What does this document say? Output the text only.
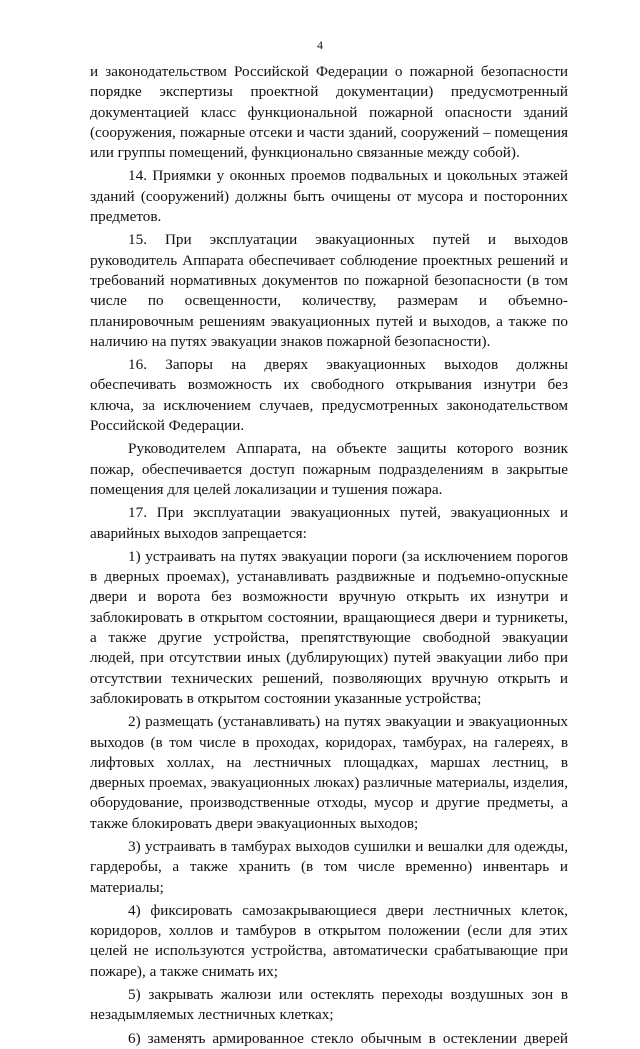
4

и законодательством Российской Федерации о пожарной безопасности порядке экспертизы проектной документации) предусмотренный документацией класс функциональной пожарной опасности зданий (сооружения, пожарные отсеки и части зданий, сооружений – помещения или группы помещений, функционально связанные между собой).

14. Приямки у оконных проемов подвальных и цокольных этажей зданий (сооружений) должны быть очищены от мусора и посторонних предметов.

15. При эксплуатации эвакуационных путей и выходов руководитель Аппарата обеспечивает соблюдение проектных решений и требований нормативных документов по пожарной безопасности (в том числе по освещенности, количеству, размерам и объемно-планировочным решениям эвакуационных путей и выходов, а также по наличию на путях эвакуации знаков пожарной безопасности).

16. Запоры на дверях эвакуационных выходов должны обеспечивать возможность их свободного открывания изнутри без ключа, за исключением случаев, предусмотренных законодательством Российской Федерации.

Руководителем Аппарата, на объекте защиты которого возник пожар, обеспечивается доступ пожарным подразделениям в закрытые помещения для целей локализации и тушения пожара.

17. При эксплуатации эвакуационных путей, эвакуационных и аварийных выходов запрещается:

1) устраивать на путях эвакуации пороги (за исключением порогов в дверных проемах), устанавливать раздвижные и подъемно-опускные двери и ворота без возможности вручную открыть их изнутри и заблокировать в открытом состоянии, вращающиеся двери и турникеты, а также другие устройства, препятствующие свободной эвакуации людей, при отсутствии иных (дублирующих) путей эвакуации либо при отсутствии технических решений, позволяющих вручную открыть и заблокировать в открытом состоянии указанные устройства;

2) размещать (устанавливать) на путях эвакуации и эвакуационных выходов (в том числе в проходах, коридорах, тамбурах, на галереях, в лифтовых холлах, на лестничных площадках, маршах лестниц, в дверных проемах, эвакуационных люках) различные материалы, изделия, оборудование, производственные отходы, мусор и другие предметы, а также блокировать двери эвакуационных выходов;

3) устраивать в тамбурах выходов сушилки и вешалки для одежды, гардеробы, а также хранить (в том числе временно) инвентарь и материалы;

4) фиксировать самозакрывающиеся двери лестничных клеток, коридоров, холлов и тамбуров в открытом положении (если для этих целей не используются устройства, автоматически срабатывающие при пожаре), а также снимать их;

5) закрывать жалюзи или остеклять переходы воздушных зон в незадымляемых лестничных клетках;

6) заменять армированное стекло обычным в остеклении дверей
